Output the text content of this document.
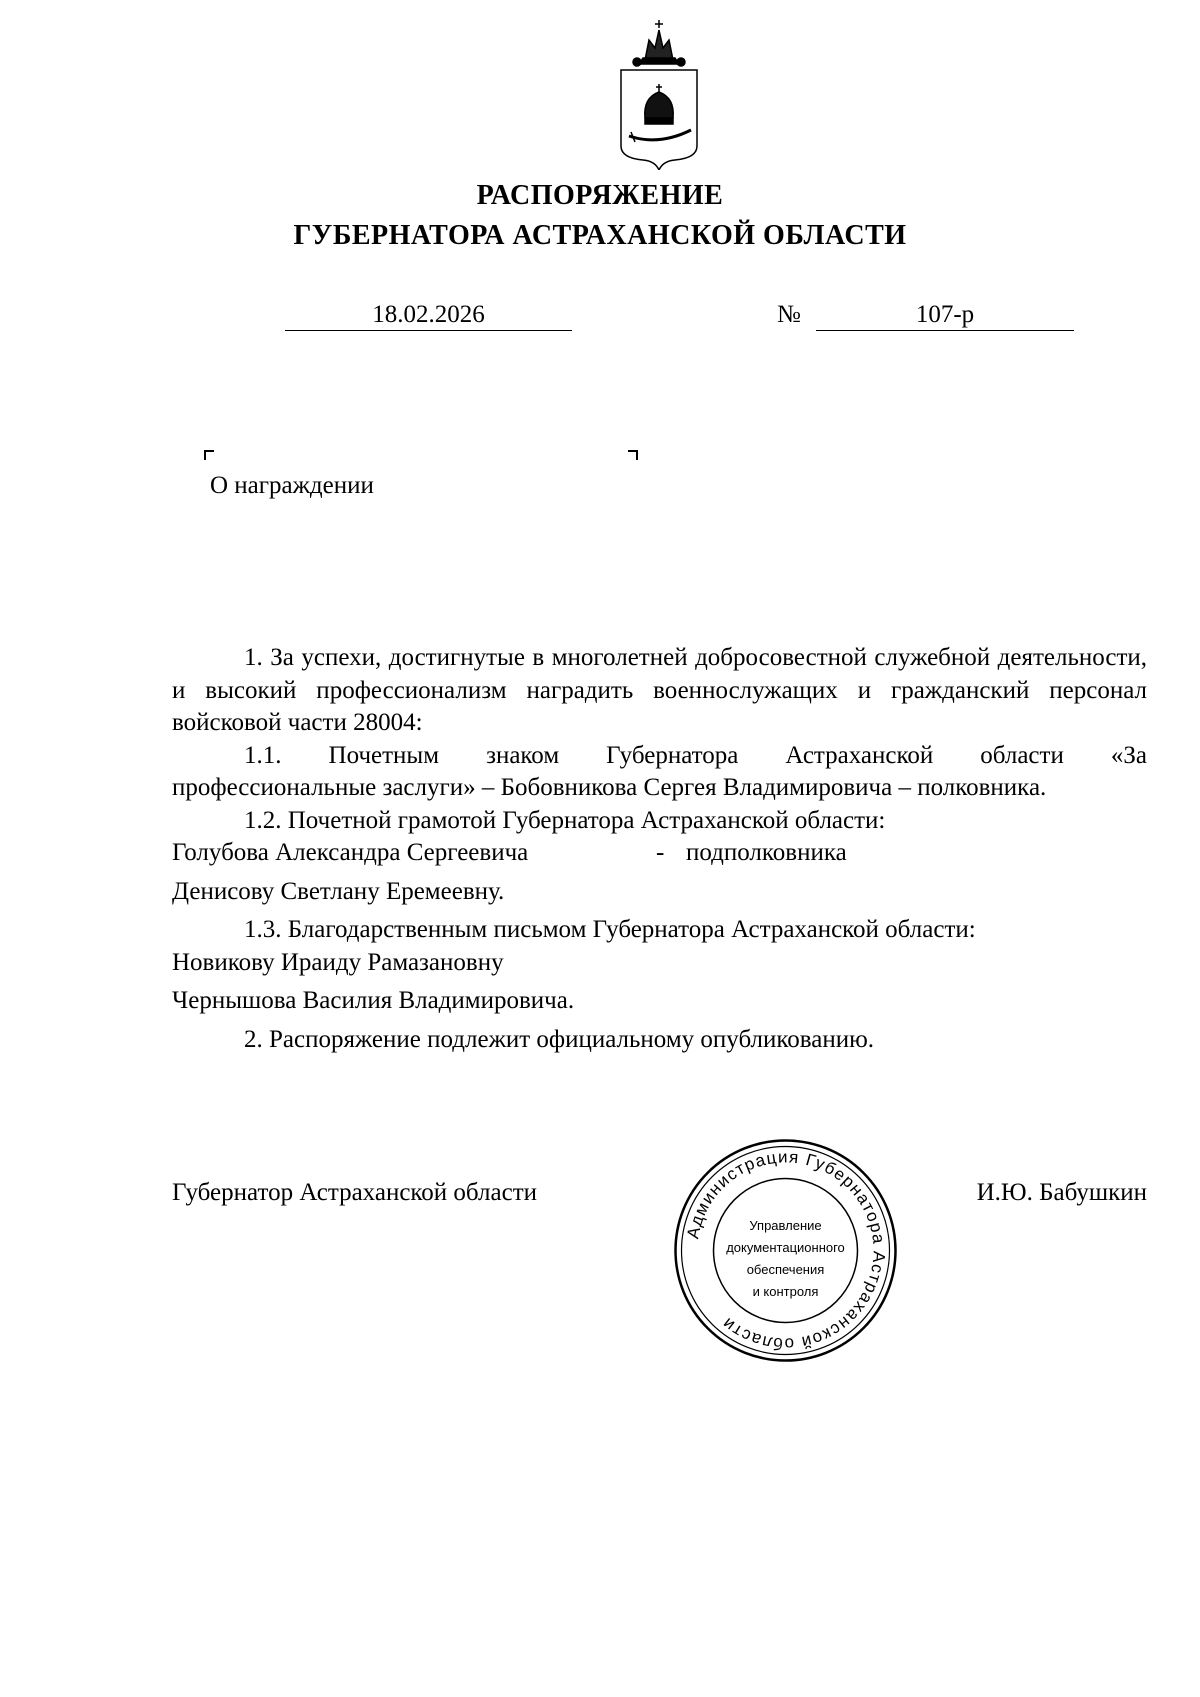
РАСПОРЯЖЕНИЕ
ГУБЕРНАТОРА АСТРАХАНСКОЙ ОБЛАСТИ
18.02.2026	№	107-р
О награждении

1. За успехи, достигнутые в многолетней добросовестной служебной деятельности, и высокий профессионализм наградить военнослужащих и гражданский персонал войсковой части 28004:

1.1. Почетным знаком Губернатора Астраханской области «За

профессиональные заслуги» – Бобовникова Сергея Владимировича – полковника.

1.2. Почетной грамотой Губернатора Астраханской области:

Голубова Александра Сергеевича	- подполковника

Денисову Светлану Еремеевну.

1.3. Благодарственным письмом Губернатора Астраханской области:

Новикову Ираиду Рамазановну

Чернышова Василия Владимировича.

2. Распоряжение подлежит официальному опубликованию.

Губернатор Астраханской области	И.Ю. Бабушкин
Администрация Губернатора Астраханской области
Управление
документационного
обеспечения
и контроля
